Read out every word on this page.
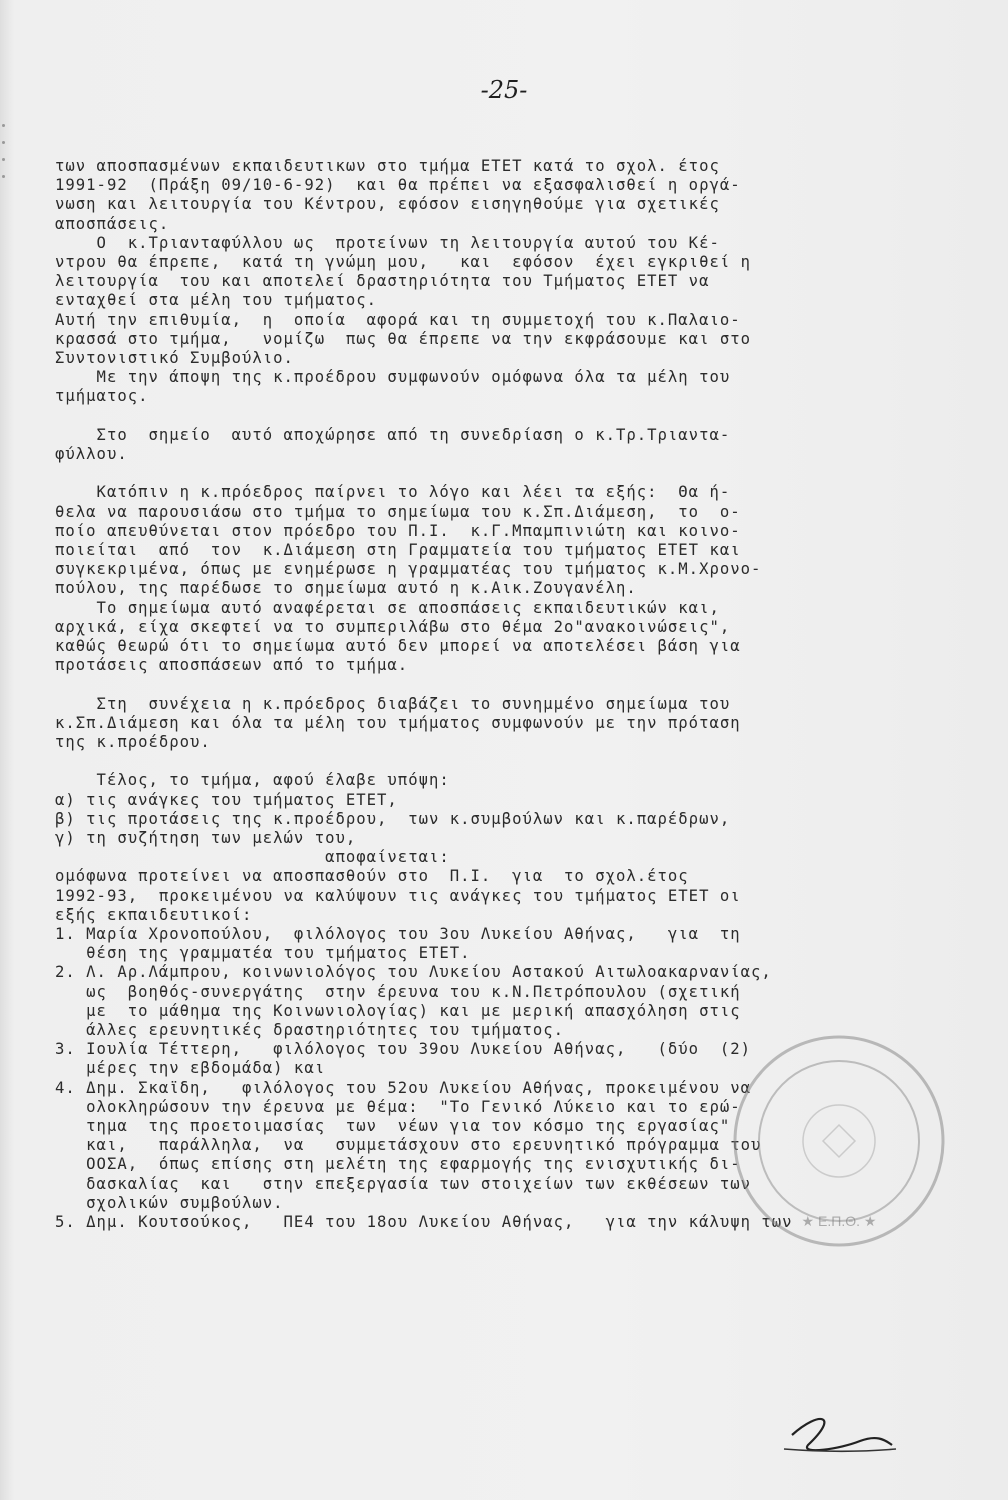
-25-
των αποσπασμένων εκπαιδευτικων στο τμήμα ΕΤΕΤ κατά το σχολ. έτος
1991-92  (Πράξη 09/10-6-92)  και θα πρέπει να εξασφαλισθεί η οργά-
νωση και λειτουργία του Κέντρου, εφόσον εισηγηθούμε για σχετικές
αποσπάσεις.
Ο  κ.Τριανταφύλλου ως  προτείνων τη λειτουργία αυτού του Κέ-
ντρου θα έπρεπε,  κατά τη γνώμη μου,   και  εφόσον  έχει εγκριθεί η
λειτουργία  του και αποτελεί δραστηριότητα του Τμήματος ΕΤΕΤ να
ενταχθεί στα μέλη του τμήματος.
Αυτή την επιθυμία,  η  οποία  αφορά και τη συμμετοχή του κ.Παλαιο-
κρασσά στο τμήμα,   νομίζω  πως θα έπρεπε να την εκφράσουμε και στο
Συντονιστικό Συμβούλιο.
Με την άποψη της κ.προέδρου συμφωνούν ομόφωνα όλα τα μέλη του
τμήματος.
Στο  σημείο  αυτό αποχώρησε από τη συνεδρίαση ο κ.Τρ.Τριαντα-
φύλλου.
Κατόπιν η κ.πρόεδρος παίρνει το λόγο και λέει τα εξής:  Θα ή-
θελα να παρουσιάσω στο τμήμα το σημείωμα του κ.Σπ.Διάμεση,  το  ο-
ποίο απευθύνεται στον πρόεδρο του Π.Ι.  κ.Γ.Μπαμπινιώτη και κοινο-
ποιείται  από  τον  κ.Διάμεση στη Γραμματεία του τμήματος ΕΤΕΤ και
συγκεκριμένα, όπως με ενημέρωσε η γραμματέας του τμήματος κ.Μ.Χρονο-
πούλου, της παρέδωσε το σημείωμα αυτό η κ.Αικ.Ζουγανέλη.
Το σημείωμα αυτό αναφέρεται σε αποσπάσεις εκπαιδευτικών και,
αρχικά, είχα σκεφτεί να το συμπεριλάβω στο θέμα 2ο"ανακοινώσεις",
καθώς θεωρώ ότι το σημείωμα αυτό δεν μπορεί να αποτελέσει βάση για
προτάσεις αποσπάσεων από το τμήμα.
Στη  συνέχεια η κ.πρόεδρος διαβάζει το συνημμένο σημείωμα του
κ.Σπ.Διάμεση και όλα τα μέλη του τμήματος συμφωνούν με την πρόταση
της κ.προέδρου.
Τέλος, το τμήμα, αφού έλαβε υπόψη:
α) τις ανάγκες του τμήματος ΕΤΕΤ,
β) τις προτάσεις της κ.προέδρου,  των κ.συμβούλων και κ.παρέδρων,
γ) τη συζήτηση των μελών του,
αποφαίνεται:
ομόφωνα προτείνει να αποσπασθούν στο  Π.Ι.  για  το σχολ.έτος
1992-93,  προκειμένου να καλύψουν τις ανάγκες του τμήματος ΕΤΕΤ οι
εξής εκπαιδευτικοί:
1. Μαρία Χρονοπούλου,  φιλόλογος του 3ου Λυκείου Αθήνας,   για  τη
θέση της γραμματέα του τμήματος ΕΤΕΤ.
2. Λ. Αρ.Λάμπρου, κοινωνιολόγος του Λυκείου Αστακού Αιτωλοακαρνανίας,
ως  βοηθός-συνεργάτης  στην έρευνα του κ.Ν.Πετρόπουλου (σχετική
με  το μάθημα της Κοινωνιολογίας) και με μερική απασχόληση στις
άλλες ερευνητικές δραστηριότητες του τμήματος.
3. Ιουλία Τέττερη,   φιλόλογος του 39ου Λυκείου Αθήνας,   (δύο  (2)
μέρες την εβδομάδα) και
4. Δημ. Σκαϊδη,   φιλόλογος του 52ου Λυκείου Αθήνας, προκειμένου να
ολοκληρώσουν την έρευνα με θέμα:  "Το Γενικό Λύκειο και το ερώ-
τημα  της προετοιμασίας  των  νέων για τον κόσμο της εργασίας"
και,   παράλληλα,  να   συμμετάσχουν στο ερευνητικό πρόγραμμα του
ΟΟΣΑ,  όπως επίσης στη μελέτη της εφαρμογής της ενισχυτικής δι-
δασκαλίας  και   στην επεξεργασία των στοιχείων των εκθέσεων των
σχολικών συμβούλων.
5. Δημ. Κουτσούκος,   ΠΕ4 του 18ου Λυκείου Αθήνας,   για την κάλυψη των ★ Ε.Π.Θ. ★
